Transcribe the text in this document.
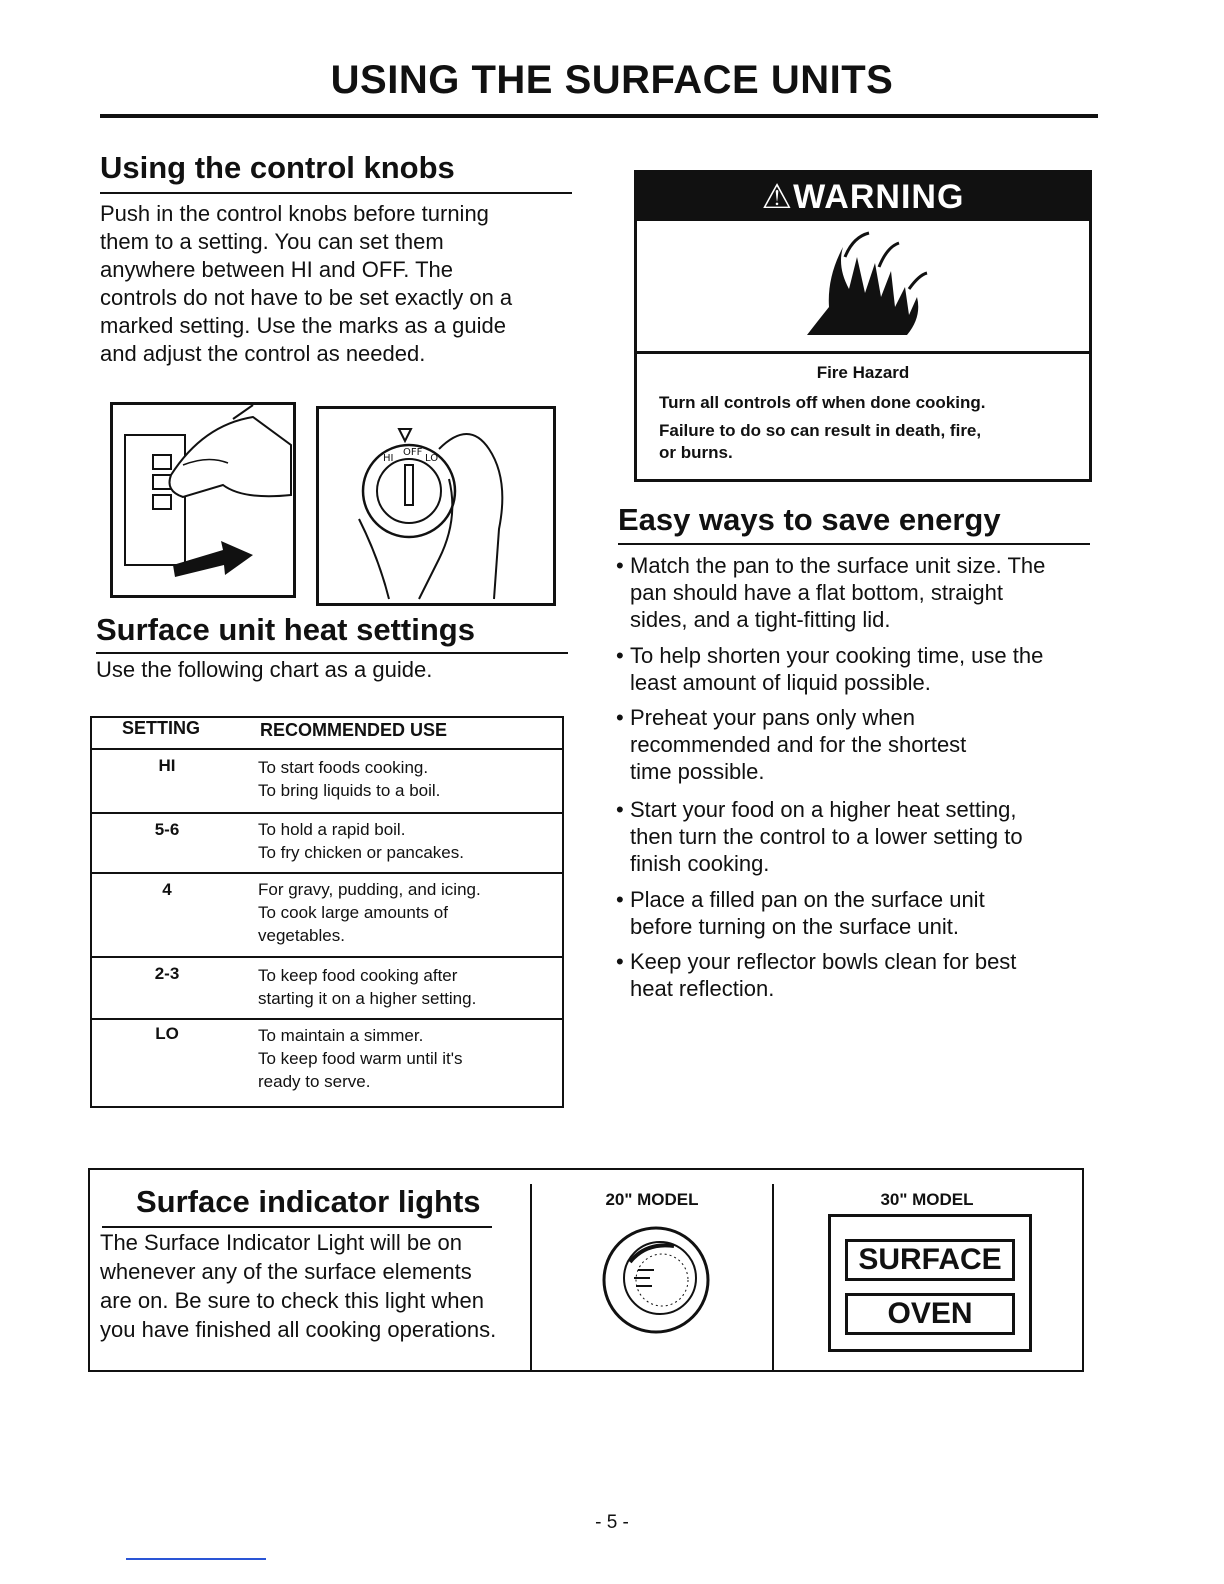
USING THE SURFACE UNITS
Using the control knobs
Push in the control knobs before turning
them to a setting. You can set them
anywhere between HI and OFF. The
controls do not have to be set exactly on a
marked setting. Use the marks as a guide
and adjust the control as needed.
HI
OFF
LO
Surface unit heat settings
Use the following chart as a guide.
SETTING	RECOMMENDED USE
HI	To start foods cooking.
To bring liquids to a boil.
5-6	To hold a rapid boil.
To fry chicken or pancakes.
4	For gravy, pudding, and icing.
To cook large amounts of
vegetables.
2-3	To keep food cooking after
starting it on a higher setting.
LO	To maintain a simmer.
To keep food warm until it's
ready to serve.
⚠WARNING
Fire Hazard
Turn all controls off when done cooking.
Failure to do so can result in death, fire,
or burns.
Easy ways to save energy
• Match the pan to the surface unit size. The
pan should have a flat bottom, straight
sides, and a tight-fitting lid.
• To help shorten your cooking time, use the
least amount of liquid possible.
• Preheat your pans only when
recommended and for the shortest
time possible.
• Start your food on a higher heat setting,
then turn the control to a lower setting to
finish cooking.
• Place a filled pan on the surface unit
before turning on the surface unit.
• Keep your reflector bowls clean for best
heat reflection.
Surface indicator lights
The Surface Indicator Light will be on
whenever any of the surface elements
are on. Be sure to check this light when
you have finished all cooking operations.
20" MODEL	30" MODEL
SURFACE
OVEN
- 5 -
